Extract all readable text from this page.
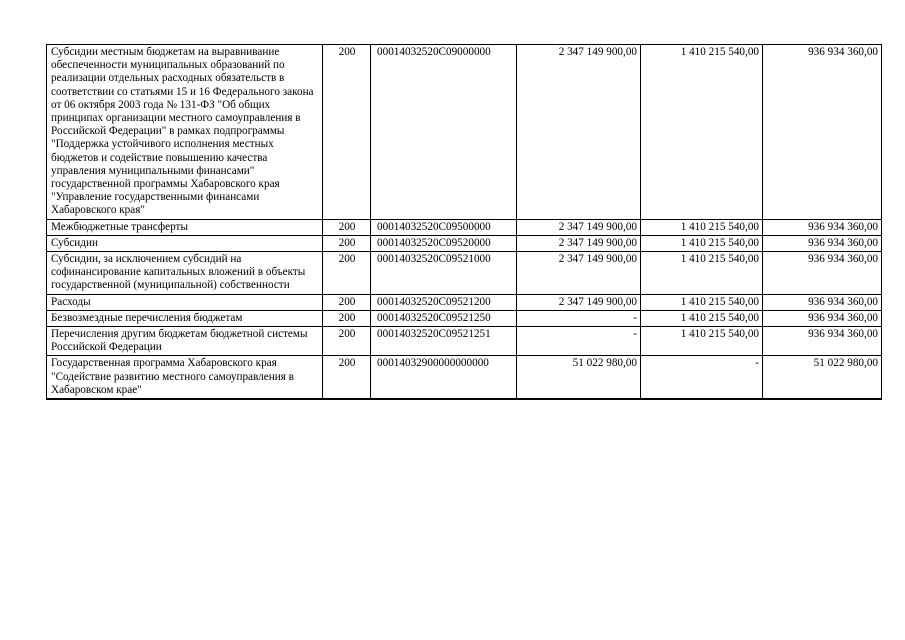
Субсидии местным бюджетам на выравнивание обеспеченности муниципальных образований по реализации отдельных расходных обязательств в соответствии со статьями 15 и 16 Федерального закона от 06 октября 2003 года № 131-ФЗ "Об общих принципах организации местного самоуправления в Российской Федерации" в рамках подпрограммы "Поддержка устойчивого исполнения местных бюджетов и содействие повышению качества управления муниципальными финансами" государственной программы Хабаровского края "Управление государственными финансами Хабаровского края"	200	00014032520С09000000	2 347 149 900,00	1 410 215 540,00	936 934 360,00
Межбюджетные трансферты	200	00014032520С09500000	2 347 149 900,00	1 410 215 540,00	936 934 360,00
Субсидии	200	00014032520С09520000	2 347 149 900,00	1 410 215 540,00	936 934 360,00
Субсидии, за исключением субсидий на софинансирование капитальных вложений в объекты государственной (муниципальной) собственности	200	00014032520С09521000	2 347 149 900,00	1 410 215 540,00	936 934 360,00
Расходы	200	00014032520С09521200	2 347 149 900,00	1 410 215 540,00	936 934 360,00
Безвозмездные перечисления бюджетам	200	00014032520С09521250	-	1 410 215 540,00	936 934 360,00
Перечисления другим бюджетам бюджетной системы Российской Федерации	200	00014032520С09521251	-	1 410 215 540,00	936 934 360,00
Государственная программа Хабаровского края "Содействие развитию местного самоуправления в Хабаровском крае"	200	00014032900000000000	51 022 980,00	-	51 022 980,00
